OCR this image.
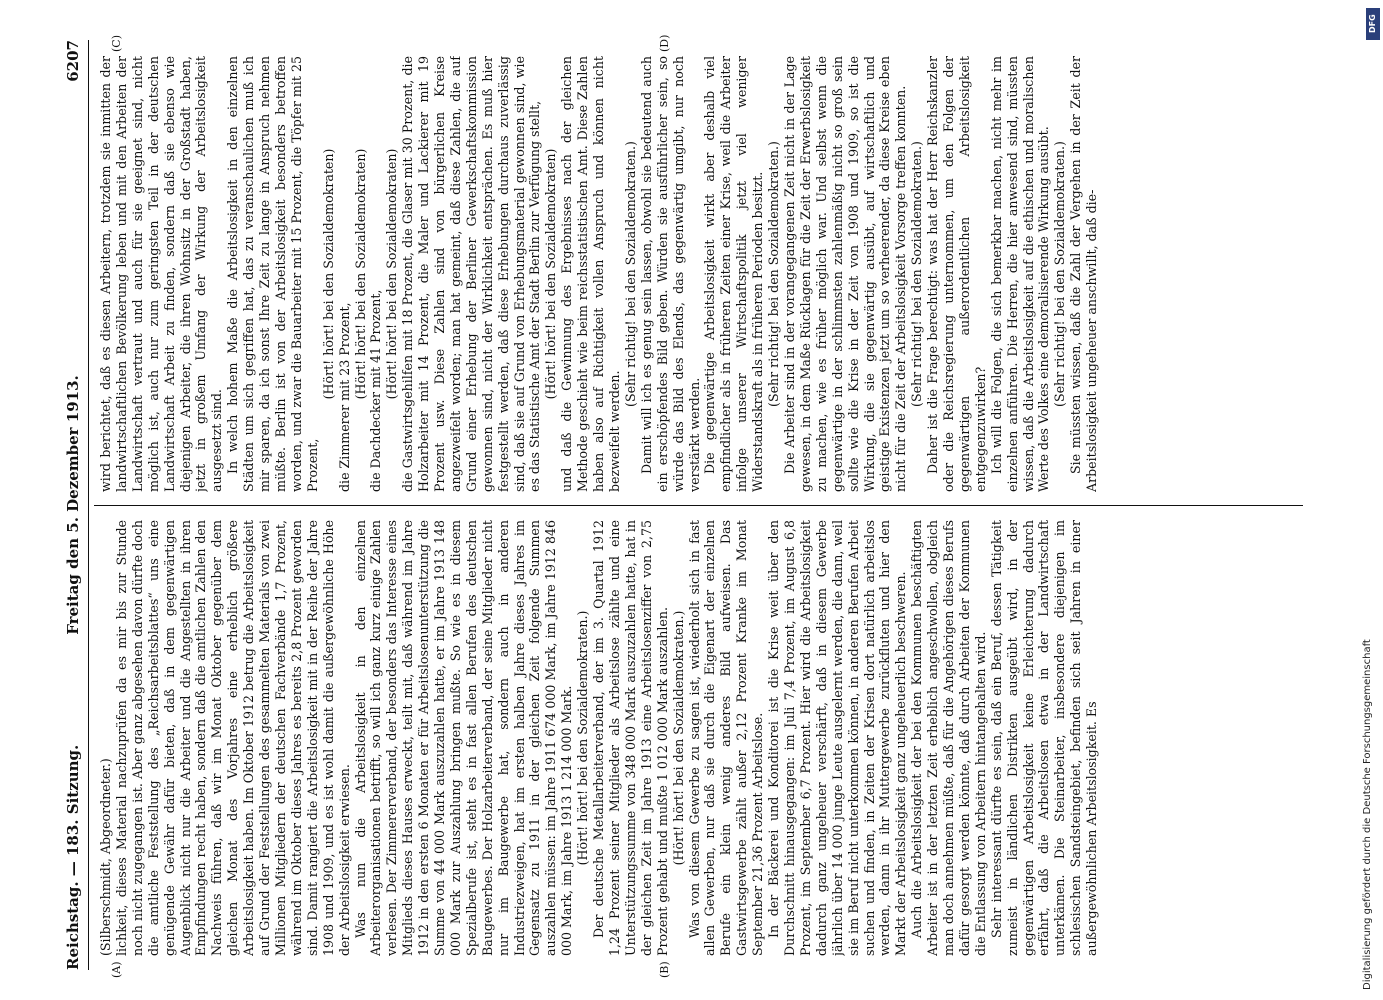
Reichstag. — 183. Sitzung.
Freitag den 5. Dezember 1913.
6207
(A)	(B)
(C)	(D)

(Silberschmidt, Abgeordneter.) lichkeit, dieses Material nachzuprüfen da es mir bis zur Stunde noch nicht zugegangen ist. Aber ganz abgesehen davon dürfte doch die amtliche Feststellung des „Reichsarbeitsblattes“ uns eine genügende Gewähr dafür bieten, daß in dem gegenwärtigen Augenblick nicht nur die Arbeiter und die Angestellten in ihren Empfindungen recht haben, sondern daß die amtlichen Zahlen den Nachweis führen, daß wir im Monat Oktober gegenüber dem gleichen Monat des Vorjahres eine erheblich größere Arbeitslosigkeit haben. Im Oktober 1912 betrug die Arbeitslosigkeit auf Grund der Feststellungen des gesammelten Materials von zwei Millionen Mitgliedern der deutschen Fachverbände 1,7 Prozent, während im Oktober dieses Jahres es bereits 2,8 Prozent geworden sind. Damit rangiert die Arbeitslosigkeit mit in der Reihe der Jahre 1908 und 1909, und es ist wohl damit die außergewöhnliche Höhe der Arbeitslosigkeit erwiesen. Was nun die Arbeitslosigkeit in den einzelnen Arbeiterorganisationen betrifft, so will ich ganz kurz einige Zahlen verlesen. Der Zimmererverband, der besonders das Interesse eines Mitglieds dieses Hauses erweckt, teilt mit, daß während im Jahre 1912 in den ersten 6 Monaten er für Arbeitslosenunterstützung die Summe von 44 000 Mark auszuzahlen hatte, er im Jahre 1913 148 000 Mark zur Auszahlung bringen mußte. So wie es in diesem Spezialberufe ist, steht es in fast allen Berufen des deutschen Baugewerbes. Der Holzarbeiterverband, der seine Mitglieder nicht nur im Baugewerbe hat, sondern auch in anderen Industriezweigen, hat im ersten halben Jahre dieses Jahres im Gegensatz zu 1911 in der gleichen Zeit folgende Summen auszahlen müssen: im Jahre 1911 674 000 Mark, im Jahre 1912 846 000 Mark, im Jahre 1913 1 214 000 Mark. (Hört! hört! bei den Sozialdemokraten.) Der deutsche Metallarbeiterverband, der im 3. Quartal 1912 1,24 Prozent seiner Mitglieder als Arbeitslose zählte und eine Unterstützungssumme von 348 000 Mark auszuzahlen hatte, hat in der gleichen Zeit im Jahre 1913 eine Arbeitslosenziffer von 2,75 Prozent gehabt und mußte 1 012 000 Mark auszahlen. (Hört! hört! bei den Sozialdemokraten.) Was von diesem Gewerbe zu sagen ist, wiederholt sich in fast allen Gewerben, nur daß sie durch die Eigenart der einzelnen Berufe ein klein wenig anderes Bild aufweisen. Das Gastwirtsgewerbe zählt außer 2,12 Prozent Kranke im Monat September 21,36 Prozent Arbeitslose. In der Bäckerei und Konditorei ist die Krise weit über den Durchschnitt hinausgegangen: im Juli 7,4 Prozent, im August 6,8 Prozent, im September 6,7 Prozent. Hier wird die Arbeitslosigkeit dadurch ganz ungeheuer verschärft, daß in diesem Gewerbe jährlich über 14 000 junge Leute ausgelernt werden, die dann, weil sie im Beruf nicht unterkommen können, in anderen Berufen Arbeit suchen und finden, in Zeiten der Krisen dort natürlich arbeitslos werden, dann in ihr Muttergewerbe zurückfluten und hier den Markt der Arbeitslosigkeit ganz ungeheuerlich beschweren. Auch die Arbeitslosigkeit der bei den Kommunen beschäftigten Arbeiter ist in der letzten Zeit erheblich angeschwollen, obgleich man doch annehmen müßte, daß für die Angehörigen dieses Berufs dafür gesorgt werden könnte, daß durch Arbeiten der Kommunen die Entlassung von Arbeitern hintangehalten wird. Sehr interessant dürfte es sein, daß ein Beruf, dessen Tätigkeit zumeist in ländlichen Distrikten ausgeübt wird, in der gegenwärtigen Arbeitslosigkeit keine Erleichterung dadurch erfährt, daß die Arbeitslosen etwa in der Landwirtschaft unterkämen. Die Steinarbeiter, insbesondere diejenigen im schlesischen Sandsteingebiet, befinden sich seit Jahren in einer außergewöhnlichen Arbeitslosigkeit. Es

wird berichtet, daß es diesen Arbeitern, trotzdem sie inmitten der landwirtschaftlichen Bevölkerung leben und mit den Arbeiten der Landwirtschaft vertraut und auch für sie geeignet sind, nicht möglich ist, auch nur zum geringsten Teil in der deutschen Landwirtschaft Arbeit zu finden, sondern daß sie ebenso wie diejenigen Arbeiter, die ihren Wohnsitz in der Großstadt haben, jetzt in großem Umfang der Wirkung der Arbeitslosigkeit ausgesetzt sind. In welch hohem Maße die Arbeitslosigkeit in den einzelnen Städten um sich gegriffen hat, das zu veranschaulichen muß ich mir sparen, da ich sonst Ihre Zeit zu lange in Anspruch nehmen müßte. Berlin ist von der Arbeitslosigkeit besonders betroffen worden, und zwar die Bauarbeiter mit 15 Prozent, die Töpfer mit 25 Prozent,

(Hört! hört! bei den Sozialdemokraten) die Zimmerer mit 23 Prozent, (Hört! hört! bei den Sozialdemokraten) die Dachdecker mit 41 Prozent, (Hört! hört! bei den Sozialdemokraten) die Gastwirtsgehilfen mit 18 Prozent, die Glaser mit 30 Prozent, die Holzarbeiter mit 14 Prozent, die Maler und Lackierer mit 19 Prozent usw. Diese Zahlen sind von bürgerlichen Kreise angezweifelt worden; man hat gemeint, daß diese Zahlen, die auf Grund einer Erhebung der Berliner Gewerkschaftskommission gewonnen sind, nicht der Wirklichkeit entsprächen. Es muß hier festgestellt werden, daß diese Erhebungen durchaus zuverlässig sind, daß sie auf Grund von Erhebungsmaterial gewonnen sind, wie es das Statistische Amt der Stadt Berlin zur Verfügung stellt, (Hört! hört! bei den Sozialdemokraten) und daß die Gewinnung des Ergebnisses nach der gleichen Methode geschieht wie beim reichsstatistischen Amt. Diese Zahlen haben also auf Richtigkeit vollen Anspruch und können nicht bezweifelt werden.

(Sehr richtig! bei den Sozialdemokraten.) Damit will ich es genug sein lassen, obwohl sie bedeutend auch ein erschöpfendes Bild geben. Würden sie ausführlicher sein, so würde das Bild des Elends, das gegenwärtig umgibt, nur noch verstärkt werden. Die gegenwärtige Arbeitslosigkeit wirkt aber deshalb viel empfindlicher als in früheren Zeiten einer Krise, weil die Arbeiter infolge unserer Wirtschaftspolitik jetzt viel weniger Widerstandskraft als in früheren Perioden besitzt. (Sehr richtig! bei den Sozialdemokraten.) Die Arbeiter sind in der vorangegangenen Zeit nicht in der Lage gewesen, in dem Maße Rücklagen für die Zeit der Erwerbslosigkeit zu machen, wie es früher möglich war. Und selbst wenn die gegenwärtige in der schlimmsten zahlenmäßig nicht so groß sein sollte wie die Krise in der Zeit von 1908 und 1909, so ist die Wirkung, die sie gegenwärtig ausübt, auf wirtschaftlich und geistige Existenzen jetzt um so verheerender, da diese Kreise eben nicht für die Zeit der Arbeitslosigkeit Vorsorge treffen konnten. (Sehr richtig! bei den Sozialdemokraten.) Daher ist die Frage berechtigt: was hat der Herr Reichskanzler oder die Reichsregierung unternommen, um den Folgen der gegenwärtigen außerordentlichen Arbeitslosigkeit entgegenzuwirken? Ich will die Folgen, die sich bemerkbar machen, nicht mehr im einzelnen anführen. Die Herren, die hier anwesend sind, müssten wissen, daß die Arbeitslosigkeit auf die ethischen und moralischen Werte des Volkes eine demoralisierende Wirkung ausübt. (Sehr richtig! bei den Sozialdemokraten.) Sie müssten wissen, daß die Zahl der Vergehen in der Zeit der Arbeitslosigkeit ungeheuer anschwillt, daß die-

DFG
Digitalisierung gefördert durch die Deutsche Forschungsgemeinschaft
